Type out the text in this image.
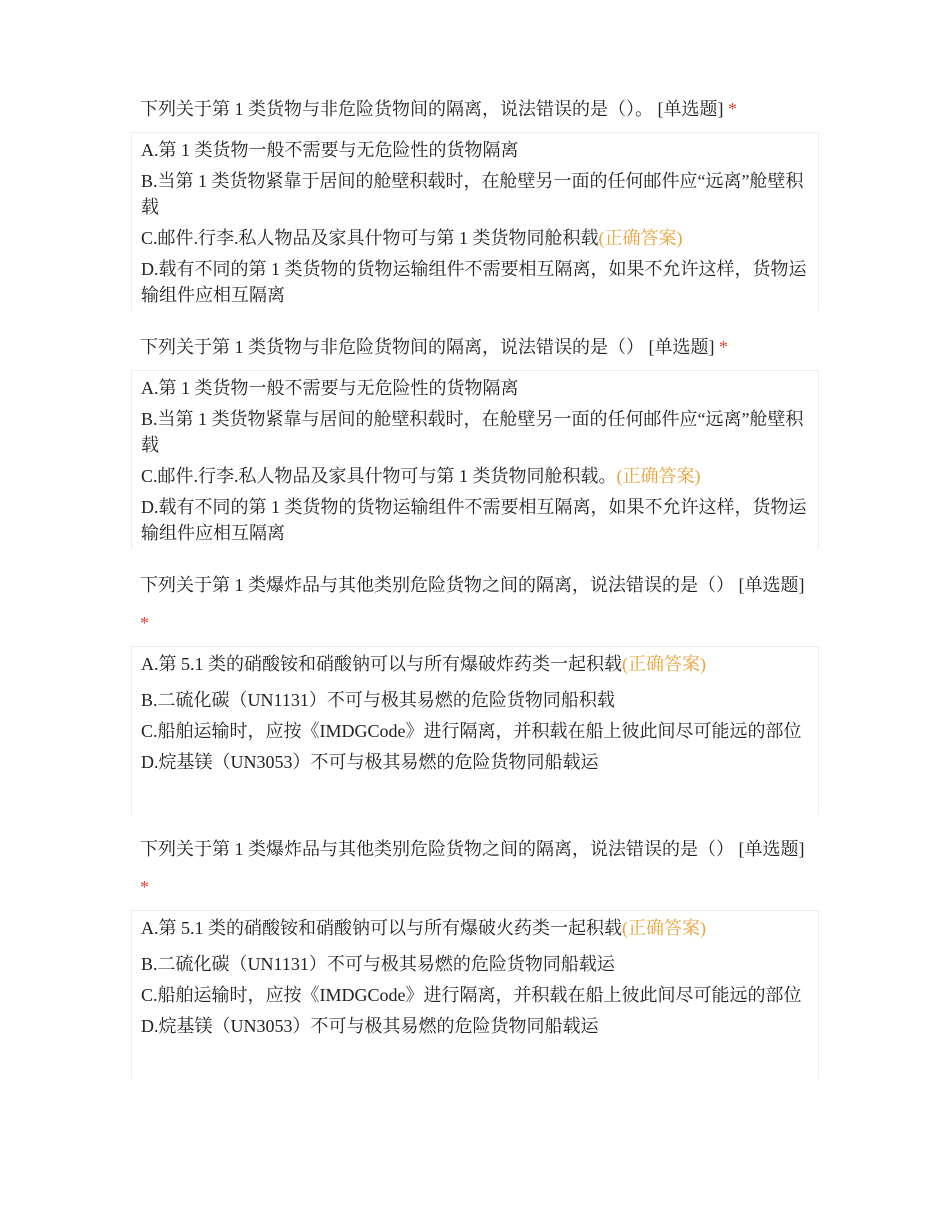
下列关于第 1 类货物与非危险货物间的隔离，说法错误的是（）。 [单选题] *
A.第 1 类货物一般不需要与无危险性的货物隔离
B.当第 1 类货物紧靠于居间的舱壁积载时，在舱壁另一面的任何邮件应“远离”舱壁积载
C.邮件.行李.私人物品及家具什物可与第 1 类货物同舱积载(正确答案)
D.载有不同的第 1 类货物的货物运输组件不需要相互隔离，如果不允许这样，货物运输组件应相互隔离
下列关于第 1 类货物与非危险货物间的隔离，说法错误的是（） [单选题] *
A.第 1 类货物一般不需要与无危险性的货物隔离
B.当第 1 类货物紧靠与居间的舱壁积载时，在舱壁另一面的任何邮件应“远离”舱壁积载
C.邮件.行李.私人物品及家具什物可与第 1 类货物同舱积载。(正确答案)
D.载有不同的第 1 类货物的货物运输组件不需要相互隔离，如果不允许这样，货物运输组件应相互隔离
下列关于第 1 类爆炸品与其他类别危险货物之间的隔离，说法错误的是（） [单选题] *
A.第 5.1 类的硝酸铵和硝酸钠可以与所有爆破炸药类一起积载(正确答案)
B.二硫化碳（UN1131）不可与极其易燃的危险货物同船积载
C.船舶运输时，应按《IMDGCode》进行隔离，并积载在船上彼此间尽可能远的部位
D.烷基镁（UN3053）不可与极其易燃的危险货物同船载运
下列关于第 1 类爆炸品与其他类别危险货物之间的隔离，说法错误的是（） [单选题] *
A.第 5.1 类的硝酸铵和硝酸钠可以与所有爆破火药类一起积载(正确答案)
B.二硫化碳（UN1131）不可与极其易燃的危险货物同船载运
C.船舶运输时，应按《IMDGCode》进行隔离，并积载在船上彼此间尽可能远的部位
D.烷基镁（UN3053）不可与极其易燃的危险货物同船载运
